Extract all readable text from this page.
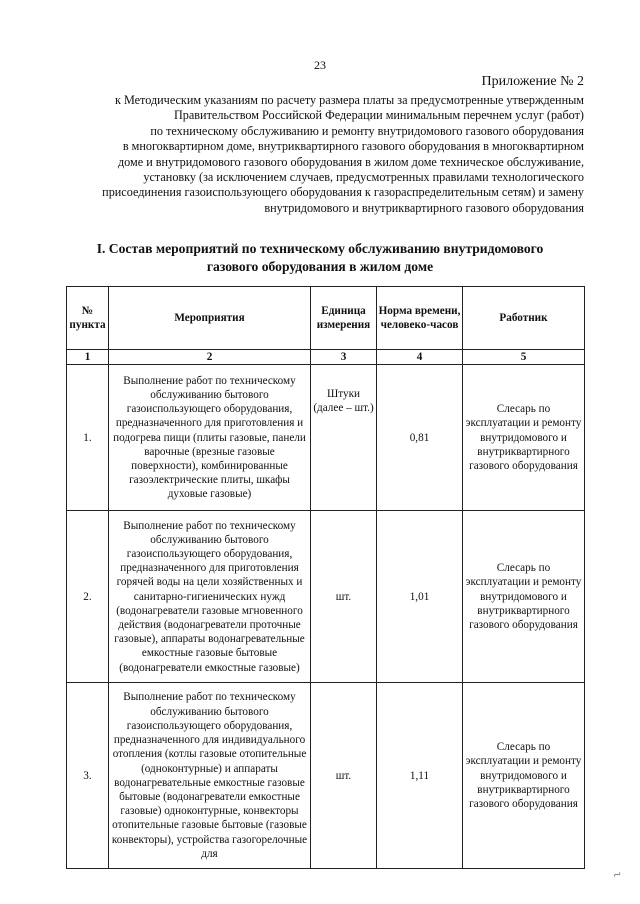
23
Приложение № 2
к Методическим указаниям по расчету размера платы за предусмотренные утвержденным
Правительством Российской Федерации минимальным перечнем услуг (работ)
по техническому обслуживанию и ремонту внутридомового газового оборудования
в многоквартирном доме, внутриквартирного газового оборудования в многоквартирном
доме и внутридомового газового оборудования в жилом доме техническое обслуживание,
установку (за исключением случаев, предусмотренных правилами технологического
присоединения газоиспользующего оборудования к газораспределительным сетям) и замену
внутридомового и внутриквартирного газового оборудования
I. Состав мероприятий по техническому обслуживанию внутридомового
газового оборудования в жилом доме
№ пункта	Мероприятия	Единица измерения	Норма времени, человеко-часов	Работник
1	2	3	4	5
1.	Выполнение работ по техническому обслуживанию бытового газоиспользующего оборудования, предназначенного для приготовления и подогрева пищи (плиты газовые, панели варочные (врезные газовые поверхности), комбинированные газоэлектрические плиты, шкафы духовые газовые)	Штуки (далее – шт.)	0,81	Слесарь по эксплуатации и ремонту внутридомового и внутриквартирного газового оборудования
2.	Выполнение работ по техническому обслуживанию бытового газоиспользующего оборудования, предназначенного для приготовления горячей воды на цели хозяйственных и санитарно-гигиенических нужд (водонагреватели газовые мгновенного действия (водонагреватели проточные газовые), аппараты водонагревательные емкостные газовые бытовые (водонагреватели емкостные газовые)	шт.	1,01	Слесарь по эксплуатации и ремонту внутридомового и внутриквартирного газового оборудования
3.	Выполнение работ по техническому обслуживанию бытового газоиспользующего оборудования, предназначенного для индивидуального отопления (котлы газовые отопительные (одноконтурные) и аппараты водонагревательные емкостные газовые бытовые (водонагреватели емкостные газовые) одноконтурные, конвекторы отопительные газовые бытовые (газовые конвекторы), устройства газогорелочные для	шт.	1,11	Слесарь по эксплуатации и ремонту внутридомового и внутриквартирного газового оборудования
~
